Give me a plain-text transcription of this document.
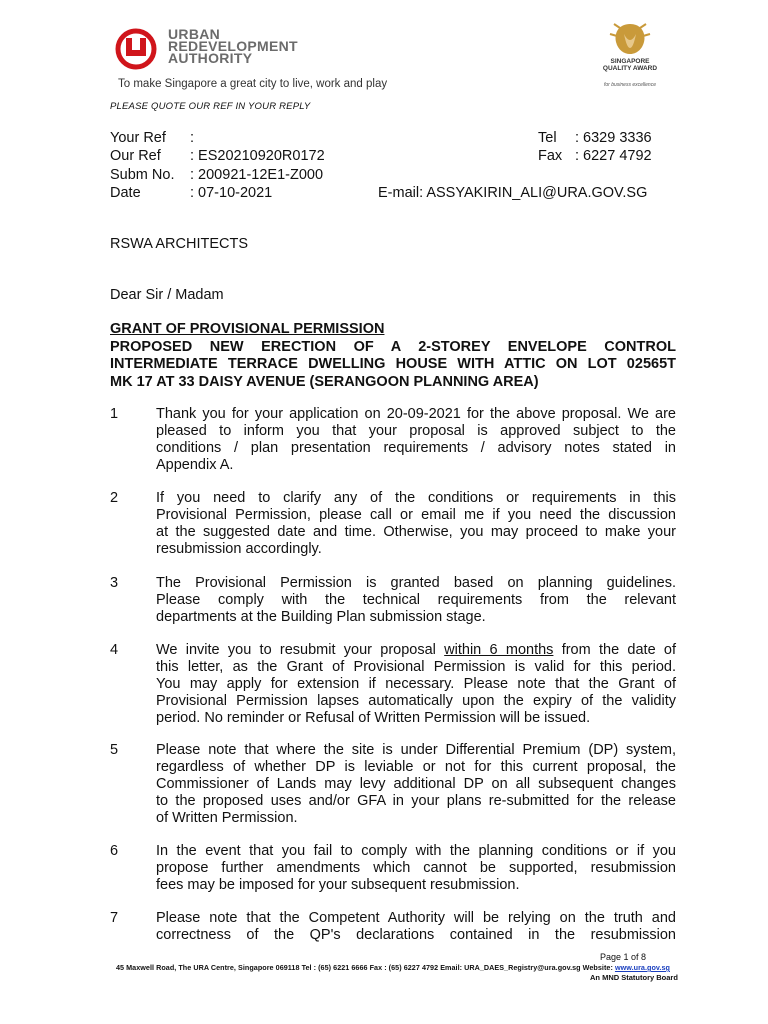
URBAN
REDEVELOPMENT
AUTHORITY
To make Singapore a great city to live, work and play
SINGAPORE QUALITY AWARD
for business excellence
PLEASE QUOTE OUR REF IN YOUR REPLY
Your Ref :
Our Ref : ES20210920R0172
Subm No. : 200921-12E1-Z000
Date	: 07-10-2021
Tel : 6329 3336
Fax : 6227 4792
E-mail: ASSYAKIRIN_ALI@URA.GOV.SG
RSWA ARCHITECTS
Dear Sir / Madam
GRANT OF PROVISIONAL PERMISSION
PROPOSED NEW ERECTION OF A 2-STOREY ENVELOPE CONTROL
INTERMEDIATE TERRACE DWELLING HOUSE WITH ATTIC ON LOT 02565T
MK 17 AT 33 DAISY AVENUE (SERANGOON PLANNING AREA)
1	Thank you for your application on 20-09-2021 for the above proposal. We are
pleased to inform you that your proposal is approved subject to the
conditions / plan presentation requirements / advisory notes stated in
Appendix A.
2	If you need to clarify any of the conditions or requirements in this
Provisional Permission, please call or email me if you need the discussion
at the suggested date and time. Otherwise, you may proceed to make your
resubmission accordingly.
3	The Provisional Permission is granted based on planning guidelines.
Please comply with the technical requirements from the relevant
departments at the Building Plan submission stage.
4	We invite you to resubmit your proposal within 6 months from the date of
this letter, as the Grant of Provisional Permission is valid for this period.
You may apply for extension if necessary. Please note that the Grant of
Provisional Permission lapses automatically upon the expiry of the validity
period. No reminder or Refusal of Written Permission will be issued.
5	Please note that where the site is under Differential Premium (DP) system,
regardless of whether DP is leviable or not for this current proposal, the
Commissioner of Lands may levy additional DP on all subsequent changes
to the proposed uses and/or GFA in your plans re-submitted for the release
of Written Permission.
6	In the event that you fail to comply with the planning conditions or if you
propose further amendments which cannot be supported, resubmission
fees may be imposed for your subsequent resubmission.
7	Please note that the Competent Authority will be relying on the truth and
correctness of the QP's declarations contained in the resubmission
Page 1 of 8
45 Maxwell Road, The URA Centre, Singapore 069118 Tel : (65) 6221 6666 Fax : (65) 6227 4792 Email: URA_DAES_Registry@ura.gov.sg Website: www.ura.gov.sg
An MND Statutory Board
